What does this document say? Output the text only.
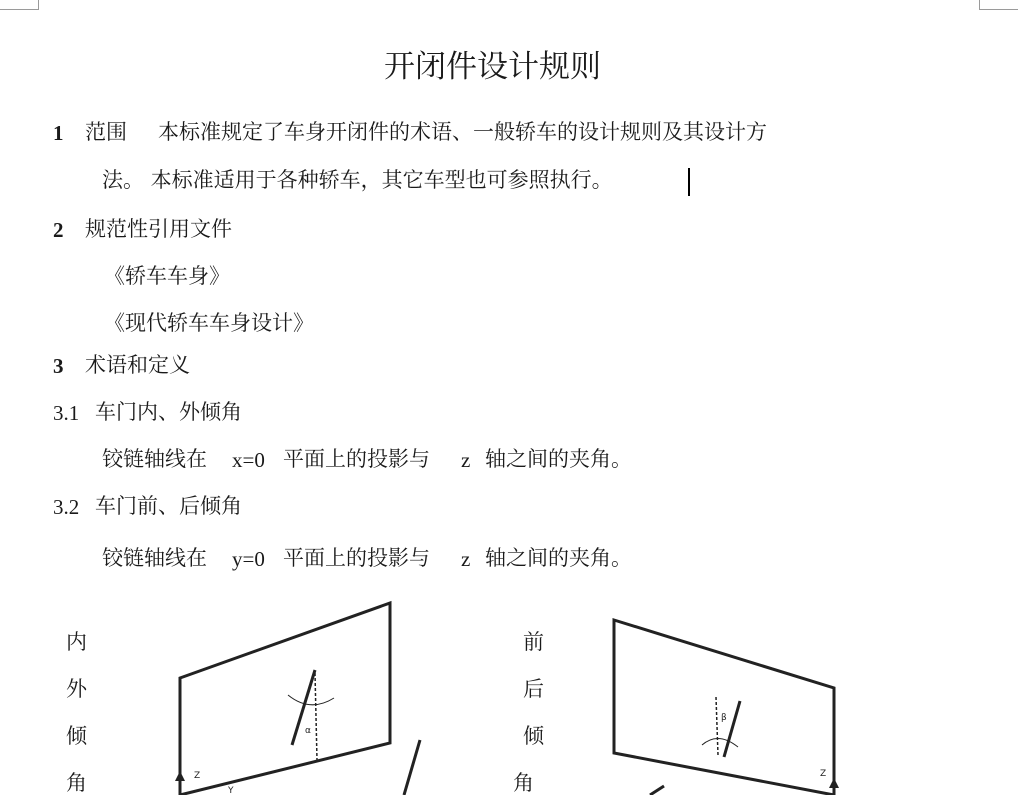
开闭件设计规则
1 范围 本标准规定了车身开闭件的术语、一般轿车的设计规则及其设计方
法。 本标准适用于各种轿车，其它车型也可参照执行。
2 规范性引用文件
《轿车车身》
《现代轿车车身设计》
3 术语和定义
3.1 车门内、外倾角
铰链轴线在 x=0 平面上的投影与 z 轴之间的夹角。
3.2 车门前、后倾角
铰链轴线在 y=0 平面上的投影与 z 轴之间的夹角。
内
外
倾
角
前
后
倾
角
α
Z
Y
β
Z
